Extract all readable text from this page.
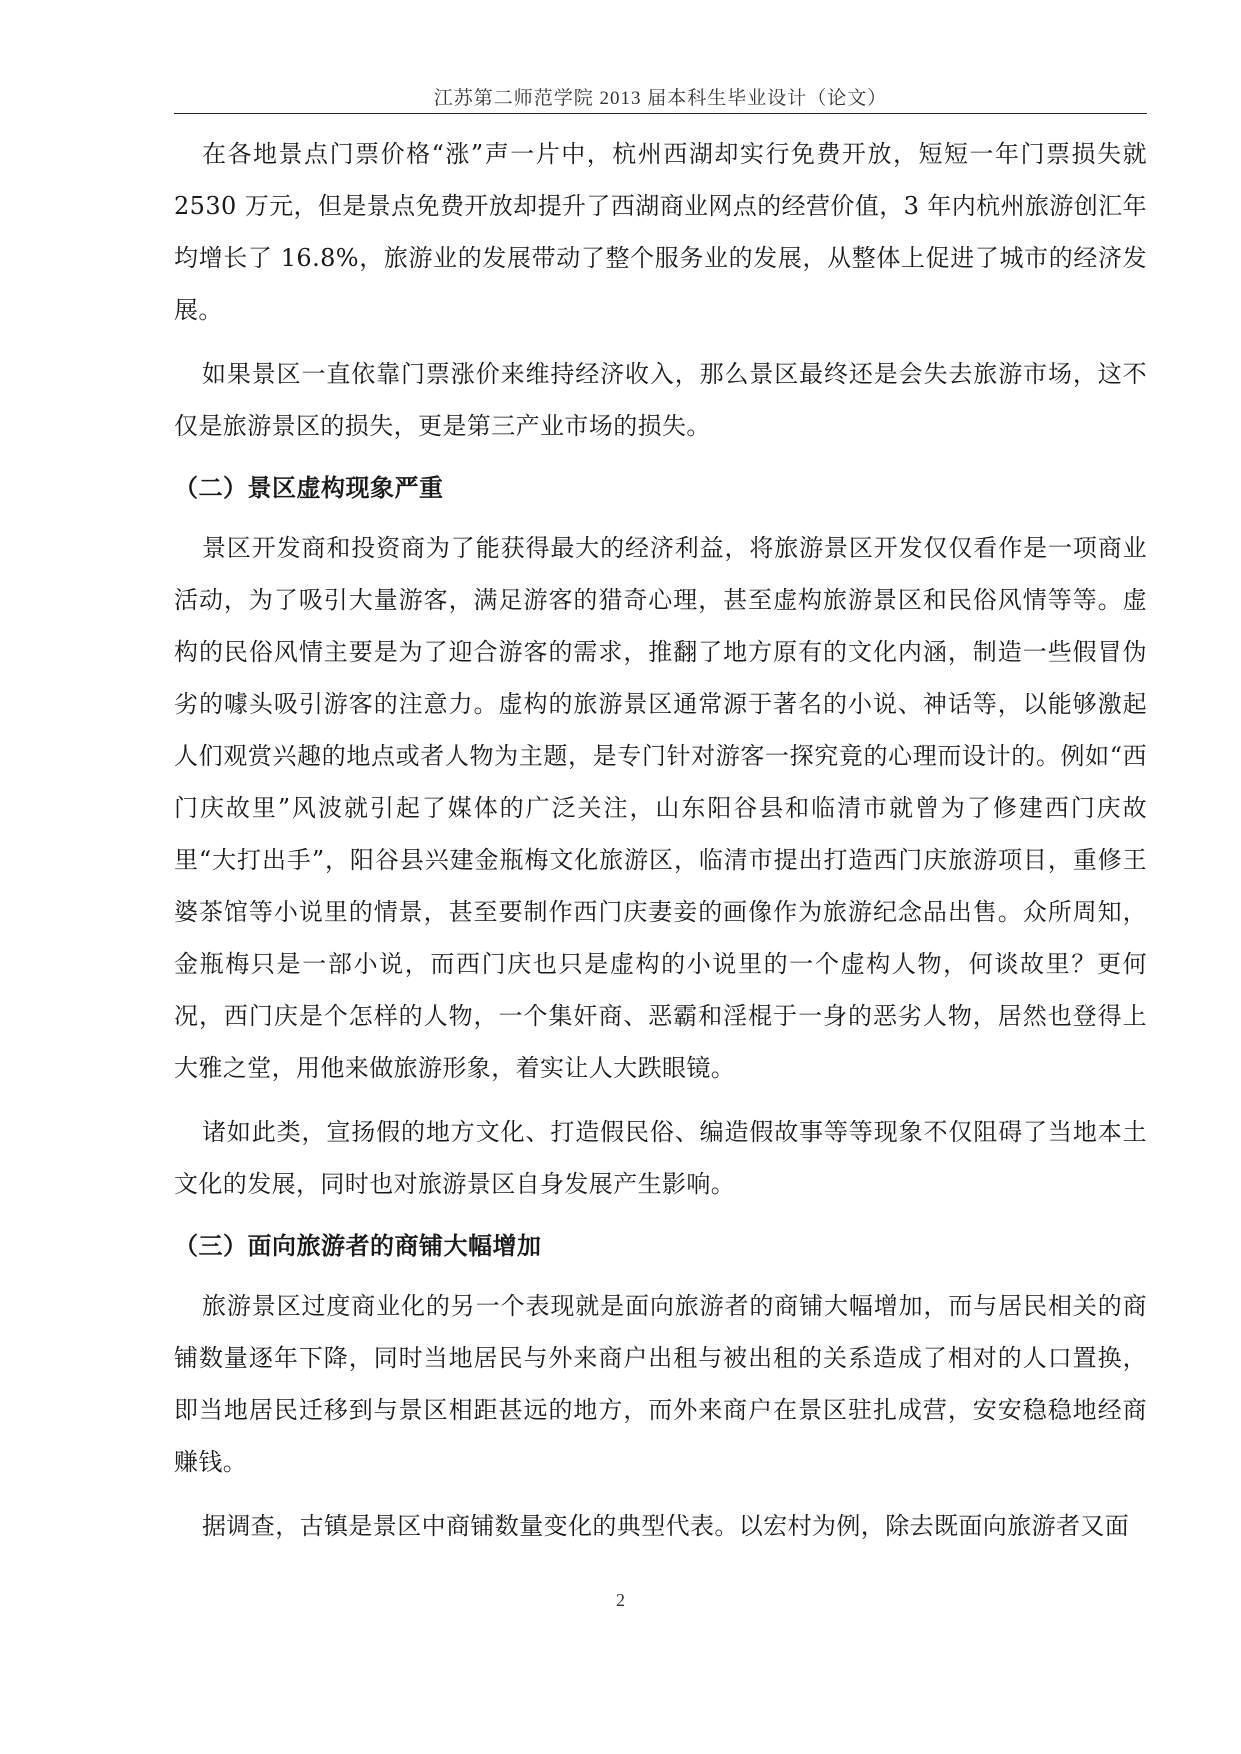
江苏第二师范学院 2013 届本科生毕业设计（论文）

在各地景点门票价格“涨”声一片中，杭州西湖却实行免费开放，短短一年门票损失就 2530 万元，但是景点免费开放却提升了西湖商业网点的经营价值，3 年内杭州旅游创汇年均增长了 16.8%，旅游业的发展带动了整个服务业的发展，从整体上促进了城市的经济发展。

如果景区一直依靠门票涨价来维持经济收入，那么景区最终还是会失去旅游市场，这不仅是旅游景区的损失，更是第三产业市场的损失。

（二）景区虚构现象严重

景区开发商和投资商为了能获得最大的经济利益，将旅游景区开发仅仅看作是一项商业活动，为了吸引大量游客，满足游客的猎奇心理，甚至虚构旅游景区和民俗风情等等。虚构的民俗风情主要是为了迎合游客的需求，推翻了地方原有的文化内涵，制造一些假冒伪劣的噱头吸引游客的注意力。虚构的旅游景区通常源于著名的小说、神话等，以能够激起人们观赏兴趣的地点或者人物为主题，是专门针对游客一探究竟的心理而设计的。例如“西门庆故里”风波就引起了媒体的广泛关注，山东阳谷县和临清市就曾为了修建西门庆故里“大打出手”，阳谷县兴建金瓶梅文化旅游区，临清市提出打造西门庆旅游项目，重修王婆茶馆等小说里的情景，甚至要制作西门庆妻妾的画像作为旅游纪念品出售。众所周知，金瓶梅只是一部小说，而西门庆也只是虚构的小说里的一个虚构人物，何谈故里？更何况，西门庆是个怎样的人物，一个集奸商、恶霸和淫棍于一身的恶劣人物，居然也登得上大雅之堂，用他来做旅游形象，着实让人大跌眼镜。

诸如此类，宣扬假的地方文化、打造假民俗、编造假故事等等现象不仅阻碍了当地本土文化的发展，同时也对旅游景区自身发展产生影响。

（三）面向旅游者的商铺大幅增加

旅游景区过度商业化的另一个表现就是面向旅游者的商铺大幅增加，而与居民相关的商铺数量逐年下降，同时当地居民与外来商户出租与被出租的关系造成了相对的人口置换，即当地居民迁移到与景区相距甚远的地方，而外来商户在景区驻扎成营，安安稳稳地经商赚钱。

据调查，古镇是景区中商铺数量变化的典型代表。以宏村为例，除去既面向旅游者又面

2
